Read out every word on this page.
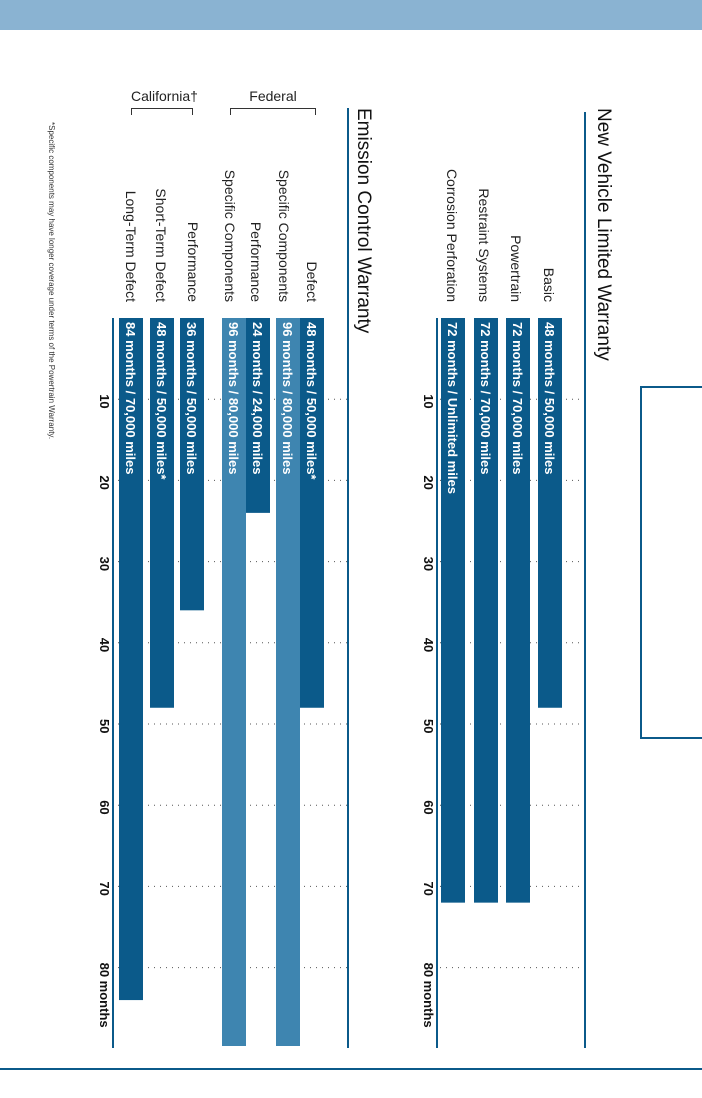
New Vehicle Limited Warranty
Emission Control Warranty	Basic
Powertrain
Restraint Systems
Corrosion Perforation
Defect
Specific Components
Performance
Specific Components
Performance
Short-Term Defect
Long-Term Defect
*Specific components may have longer coverage under terms of the Powertrain Warranty.
Federal
California†
10
20
30
40
50
60
70
80 months
48 months / 50,000 miles
72 months / 70,000 miles
72 months / 70,000 miles
72 months / Unlimited miles
10
20
30
40
50
60
70
80 months
48 months / 50,000 miles*
96 months / 80,000 miles
24 months / 24,000 miles
96 months / 80,000 miles
36 months / 50,000 miles
48 months / 50,000 miles*
84 months / 70,000 miles
